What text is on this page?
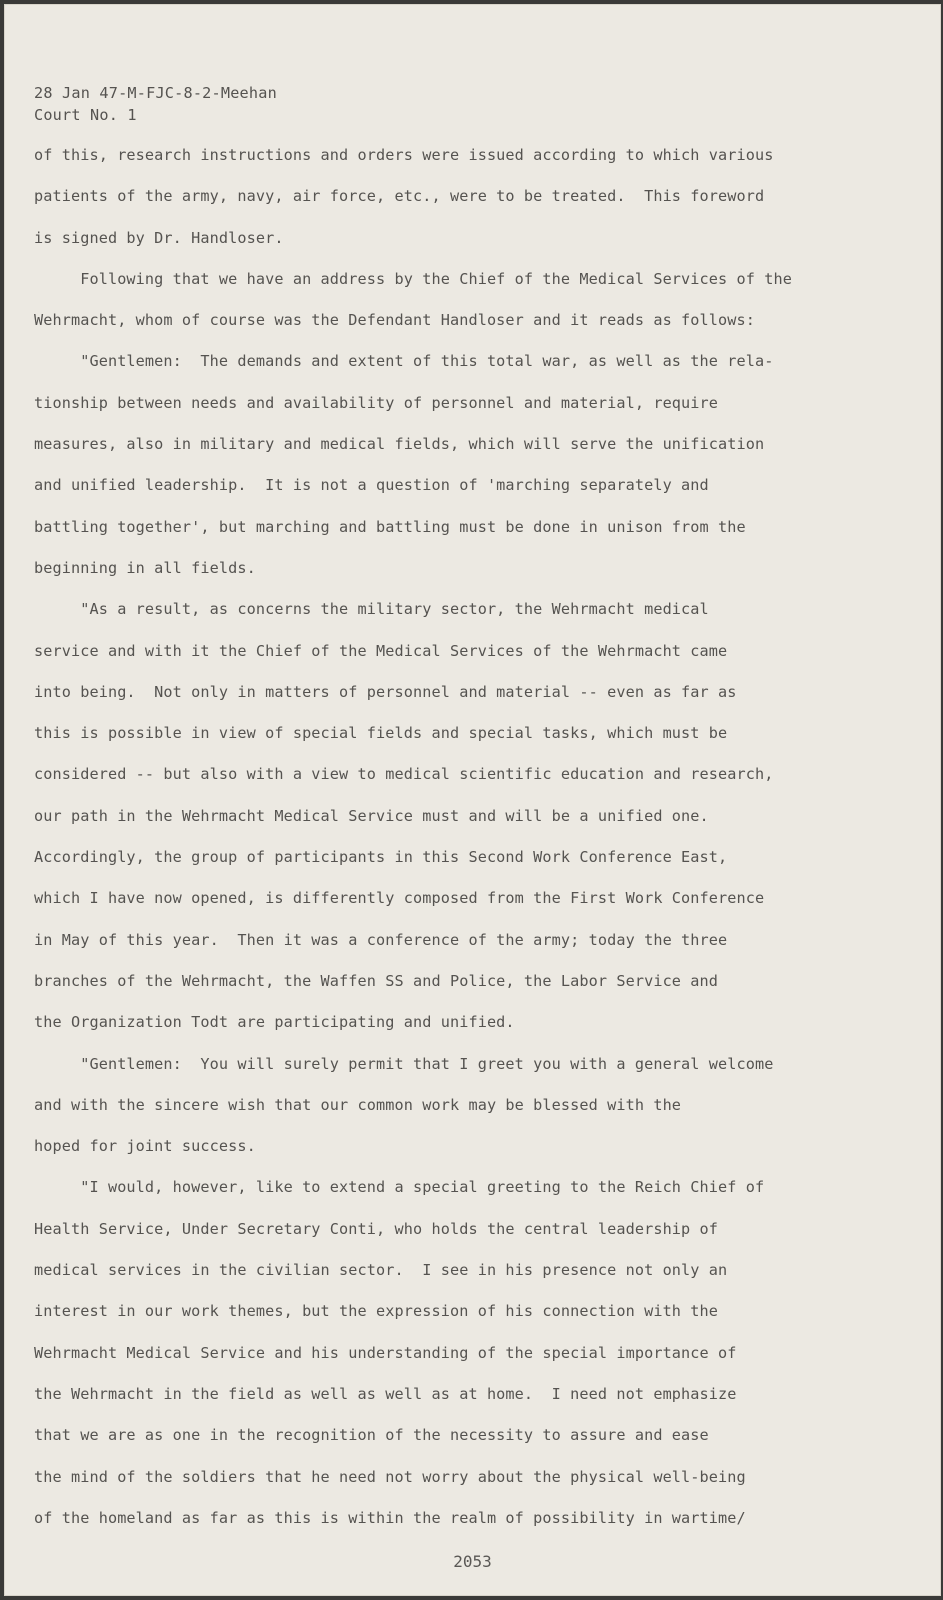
28 Jan 47-M-FJC-8-2-Meehan
Court No. 1
of this, research instructions and orders were issued according to which various
patients of the army, navy, air force, etc., were to be treated.  This foreword
is signed by Dr. Handloser.
Following that we have an address by the Chief of the Medical Services of the
Wehrmacht, whom of course was the Defendant Handloser and it reads as follows:
"Gentlemen:  The demands and extent of this total war, as well as the rela-
tionship between needs and availability of personnel and material, require
measures, also in military and medical fields, which will serve the unification
and unified leadership.  It is not a question of 'marching separately and
battling together', but marching and battling must be done in unison from the
beginning in all fields.
"As a result, as concerns the military sector, the Wehrmacht medical
service and with it the Chief of the Medical Services of the Wehrmacht came
into being.  Not only in matters of personnel and material -- even as far as
this is possible in view of special fields and special tasks, which must be
considered -- but also with a view to medical scientific education and research,
our path in the Wehrmacht Medical Service must and will be a unified one.
Accordingly, the group of participants in this Second Work Conference East,
which I have now opened, is differently composed from the First Work Conference
in May of this year.  Then it was a conference of the army; today the three
branches of the Wehrmacht, the Waffen SS and Police, the Labor Service and
the Organization Todt are participating and unified.
"Gentlemen:  You will surely permit that I greet you with a general welcome
and with the sincere wish that our common work may be blessed with the
hoped for joint success.
"I would, however, like to extend a special greeting to the Reich Chief of
Health Service, Under Secretary Conti, who holds the central leadership of
medical services in the civilian sector.  I see in his presence not only an
interest in our work themes, but the expression of his connection with the
Wehrmacht Medical Service and his understanding of the special importance of
the Wehrmacht in the field as well as well as at home.  I need not emphasize
that we are as one in the recognition of the necessity to assure and ease
the mind of the soldiers that he need not worry about the physical well-being
of the homeland as far as this is within the realm of possibility in wartime/
2053
